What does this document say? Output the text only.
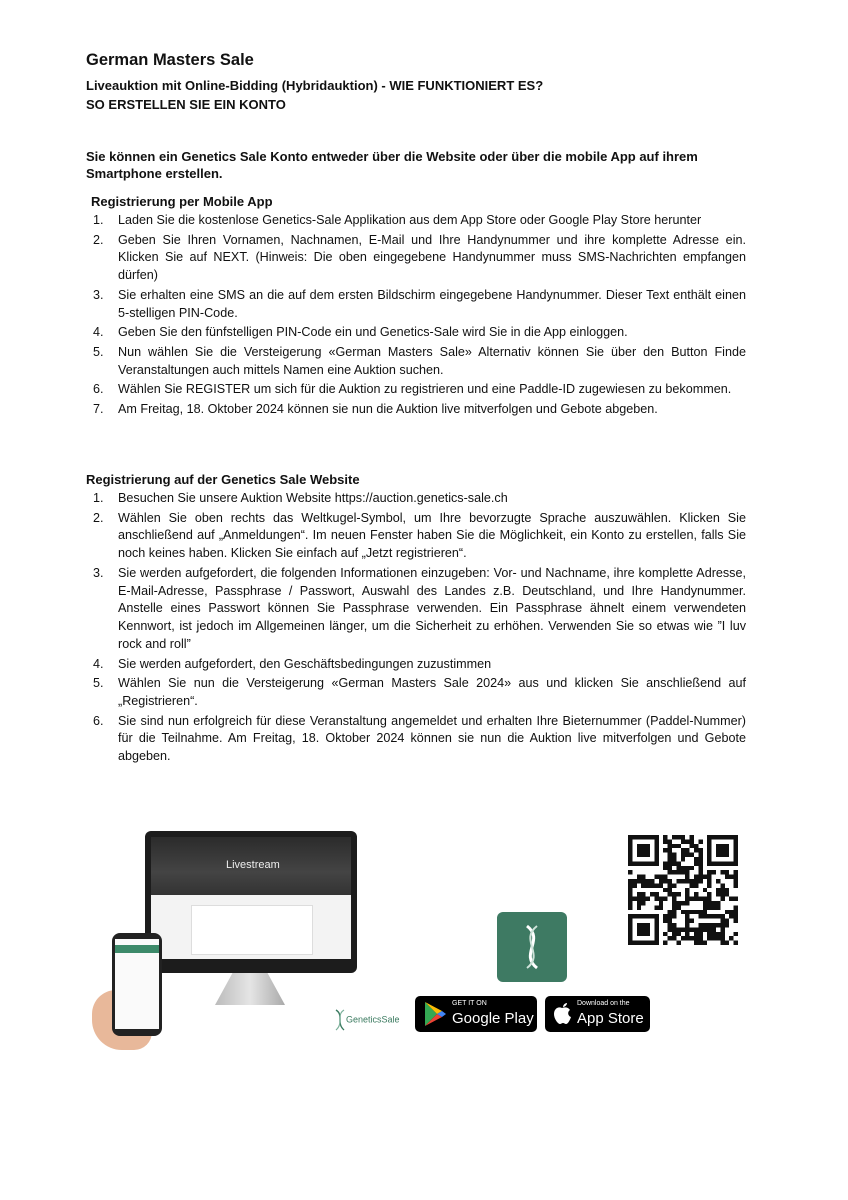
German Masters Sale
Liveauktion mit Online-Bidding (Hybridauktion) - WIE FUNKTIONIERT ES?
SO ERSTELLEN SIE EIN KONTO
Sie können ein Genetics Sale Konto entweder über die Website oder über die mobile App auf ihrem Smartphone erstellen.
Registrierung per Mobile App
1. Laden Sie die kostenlose Genetics-Sale Applikation aus dem App Store oder Google Play Store herunter
2. Geben Sie Ihren Vornamen, Nachnamen, E-Mail und Ihre Handynummer und ihre komplette Adresse ein. Klicken Sie auf NEXT. (Hinweis: Die oben eingegebene Handynummer muss SMS-Nachrichten empfangen dürfen)
3. Sie erhalten eine SMS an die auf dem ersten Bildschirm eingegebene Handynummer. Dieser Text enthält einen 5-stelligen PIN-Code.
4. Geben Sie den fünfstelligen PIN-Code ein und Genetics-Sale wird Sie in die App einloggen.
5. Nun wählen Sie die Versteigerung «German Masters Sale» Alternativ können Sie über den Button Finde Veranstaltungen auch mittels Namen eine Auktion suchen.
6. Wählen Sie REGISTER um sich für die Auktion zu registrieren und eine Paddle-ID zugewiesen zu bekommen.
7. Am Freitag, 18. Oktober 2024 können sie nun die Auktion live mitverfolgen und Gebote abgeben.
Registrierung auf der Genetics Sale Website
1. Besuchen Sie unsere Auktion Website https://auction.genetics-sale.ch
2. Wählen Sie oben rechts das Weltkugel-Symbol, um Ihre bevorzugte Sprache auszuwählen. Klicken Sie anschließend auf „Anmeldungen“. Im neuen Fenster haben Sie die Möglichkeit, ein Konto zu erstellen, falls Sie noch keines haben. Klicken Sie einfach auf „Jetzt registrieren“.
3. Sie werden aufgefordert, die folgenden Informationen einzugeben: Vor- und Nachname, ihre komplette Adresse, E-Mail-Adresse, Passphrase / Passwort, Auswahl des Landes z.B. Deutschland, und Ihre Handynummer. Anstelle eines Passwort können Sie Passphrase verwenden. Ein Passphrase ähnelt einem verwendeten Kennwort, ist jedoch im Allgemeinen länger, um die Sicherheit zu erhöhen. Verwenden Sie so etwas wie ”I luv rock and roll”
4. Sie werden aufgefordert, den Geschäftsbedingungen zuzustimmen
5. Wählen Sie nun die Versteigerung «German Masters Sale 2024» aus und klicken Sie anschließend auf „Registrieren“.
6. Sie sind nun erfolgreich für diese Veranstaltung angemeldet und erhalten Ihre Bieternummer (Paddel-Nummer) für die Teilnahme. Am Freitag, 18. Oktober 2024 können sie nun die Auktion live mitverfolgen und Gebote abgeben.
Livestream
GeneticsSale
GET IT ON
Google Play
Download on the
App Store
